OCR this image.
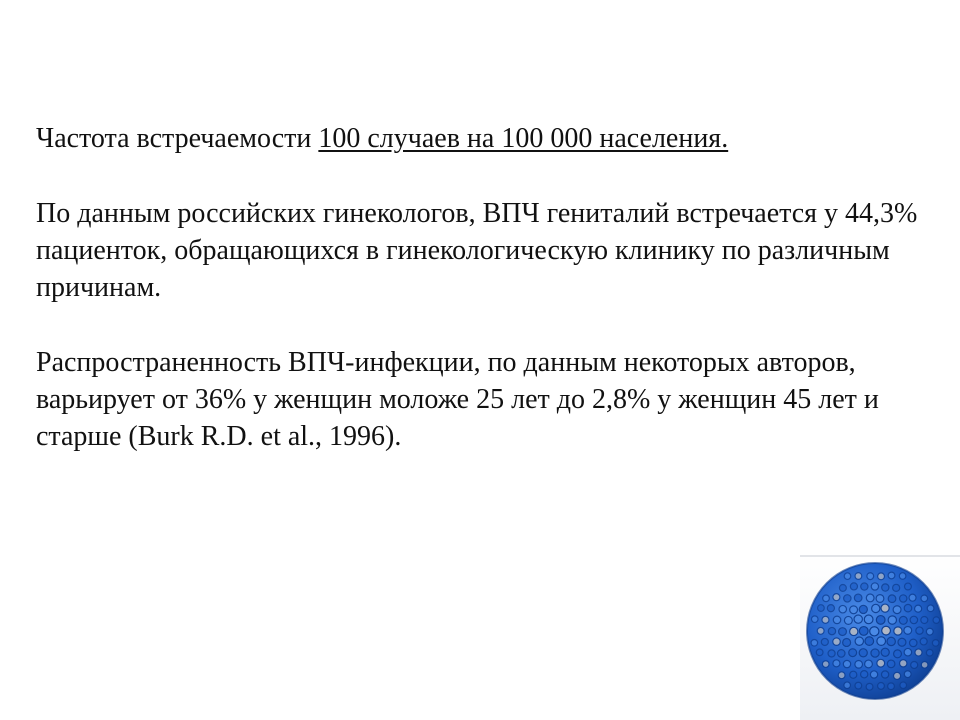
Частота встречаемости 100 случаев на 100 000 населения.

По данным российских гинекологов, ВПЧ гениталий встречается у 44,3% пациенток, обращающихся в гинекологическую клинику по различным причинам.

Распространенность ВПЧ-инфекции, по данным некоторых авторов, варьирует от 36% у женщин моложе 25 лет до 2,8% у женщин 45 лет и старше (Burk R.D. et al., 1996).
